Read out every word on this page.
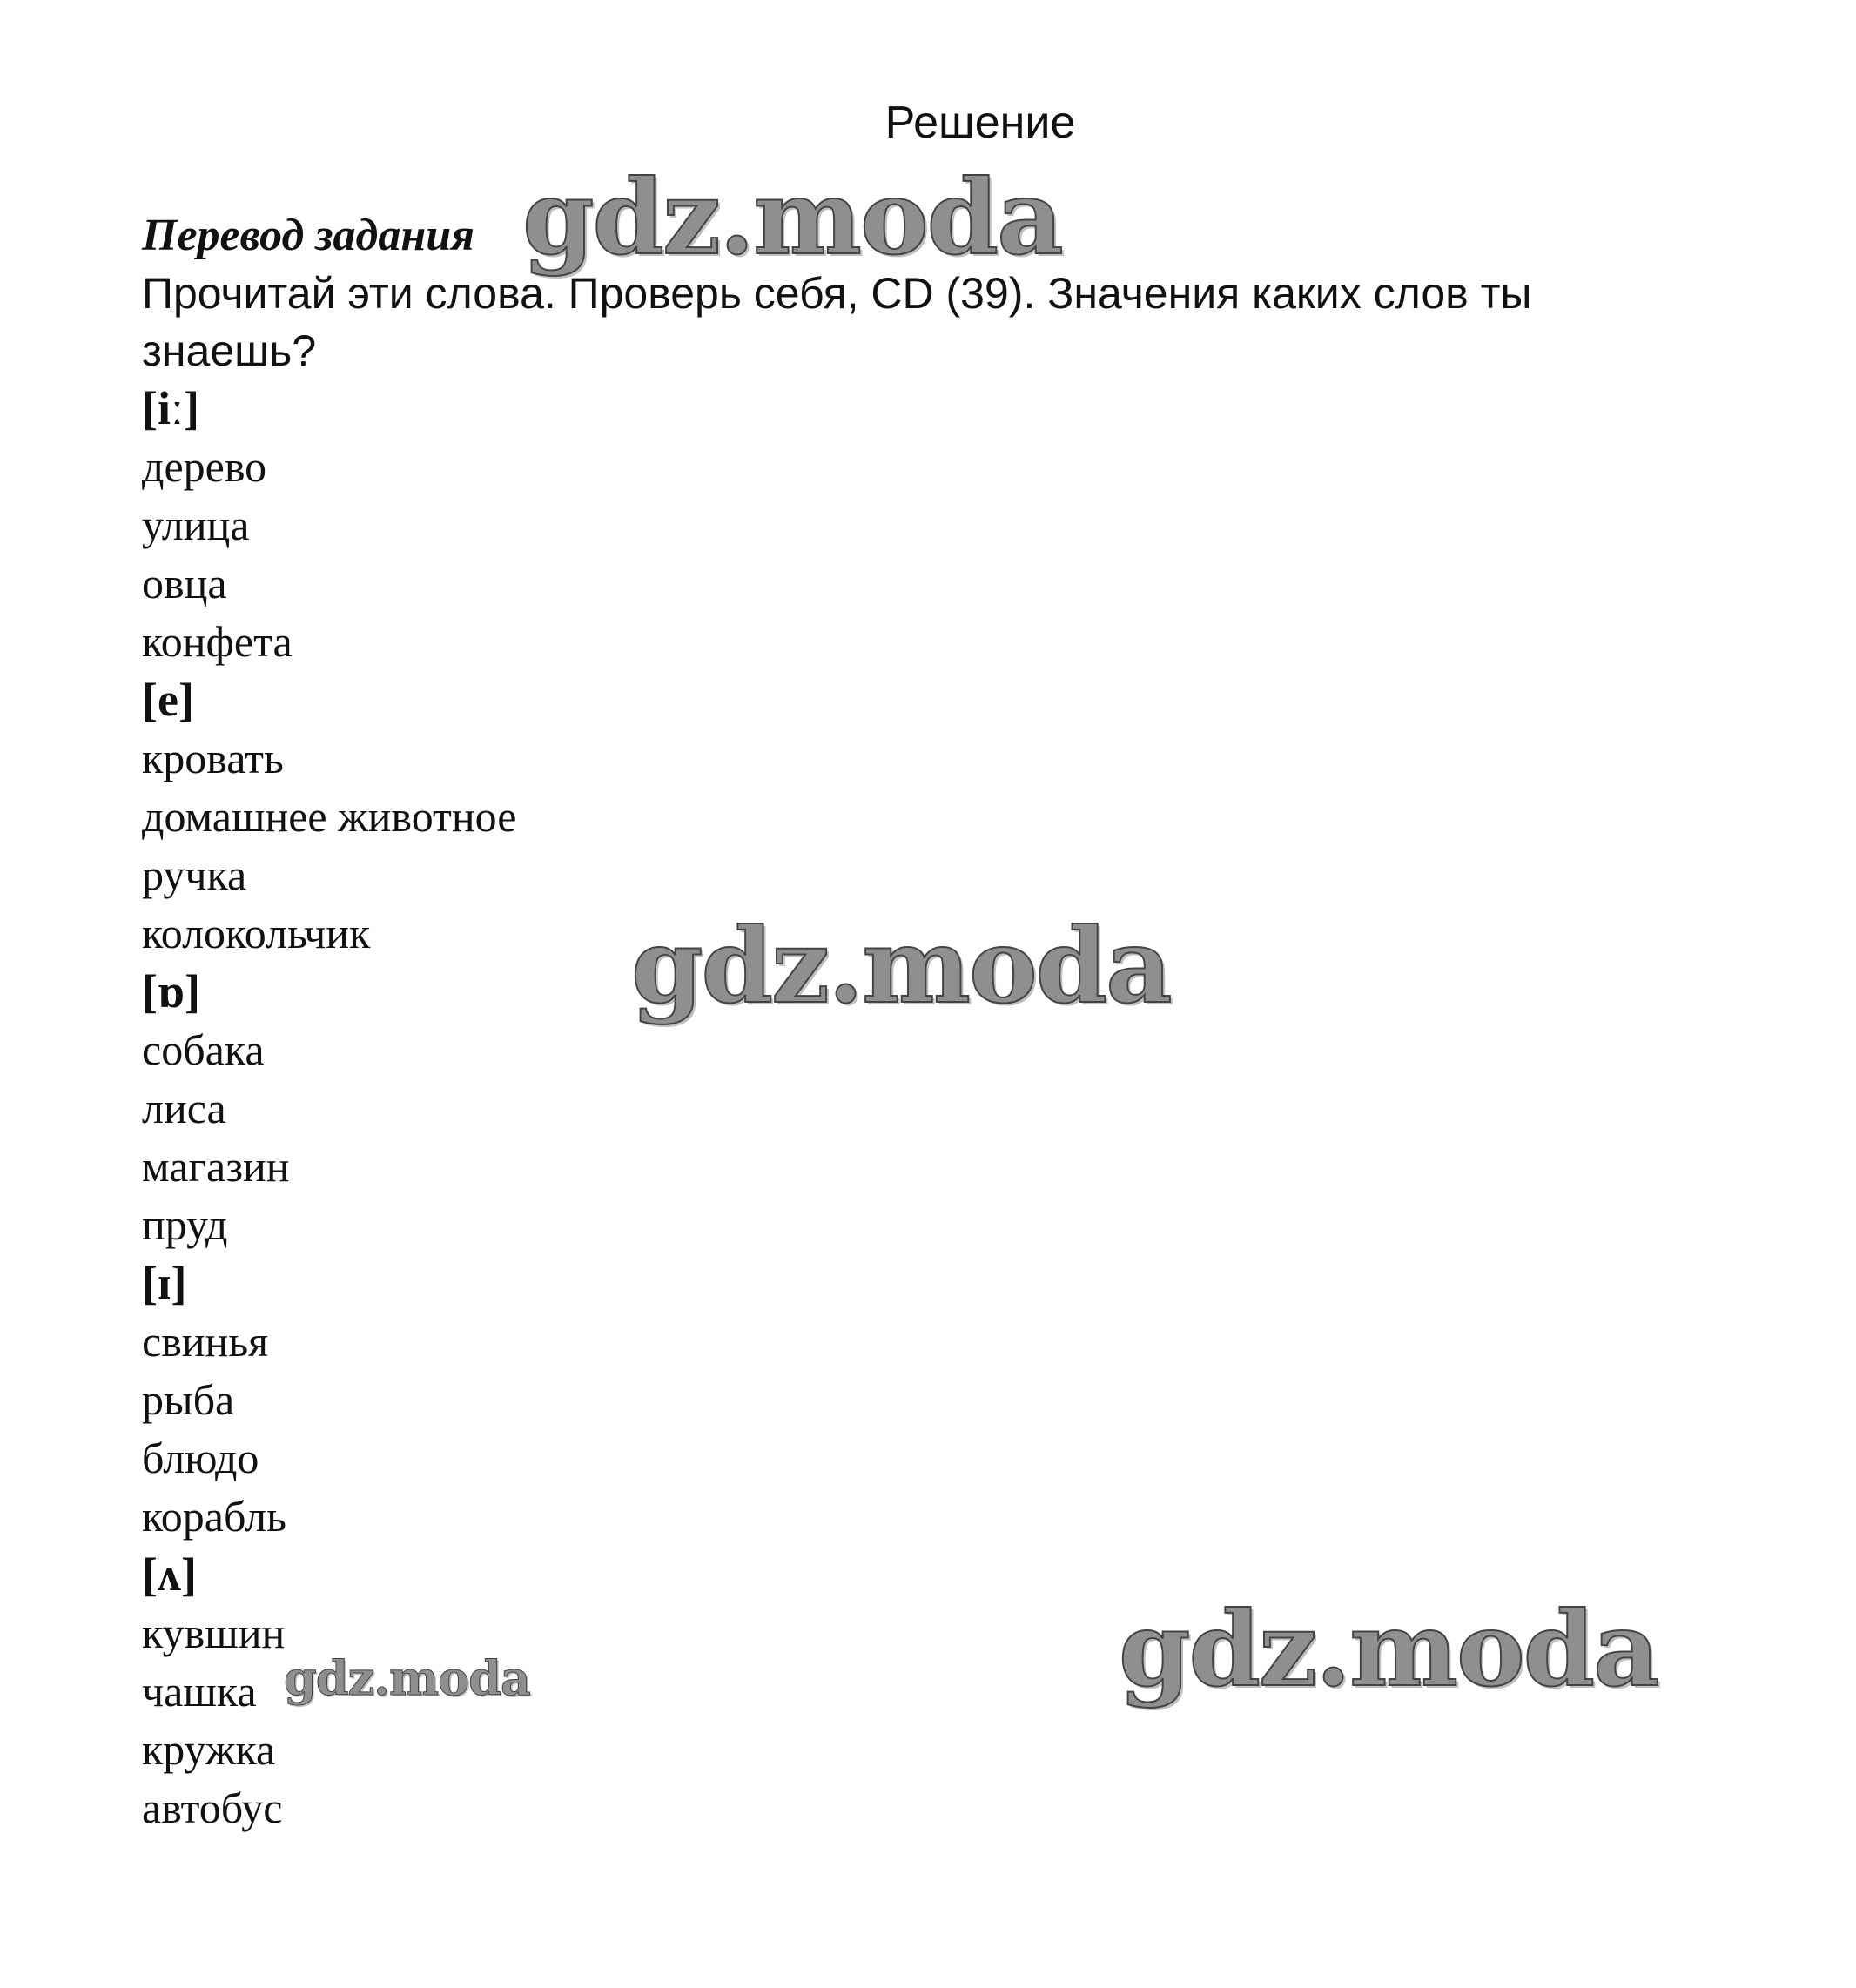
Решение

Перевод задания

Прочитай эти слова. Проверь себя, CD (39). Значения каких слов ты знаешь?

[iː]

дерево

улица

овца

конфета

[e]

кровать

домашнее животное

ручка

колокольчик

[ɒ]

собака

лиса

магазин

пруд

[ɪ]

свинья

рыба

блюдо

корабль

[ʌ]

кувшин

чашка

кружка

автобус

gdz.moda
gdz.moda
gdz.moda
gdz.moda
